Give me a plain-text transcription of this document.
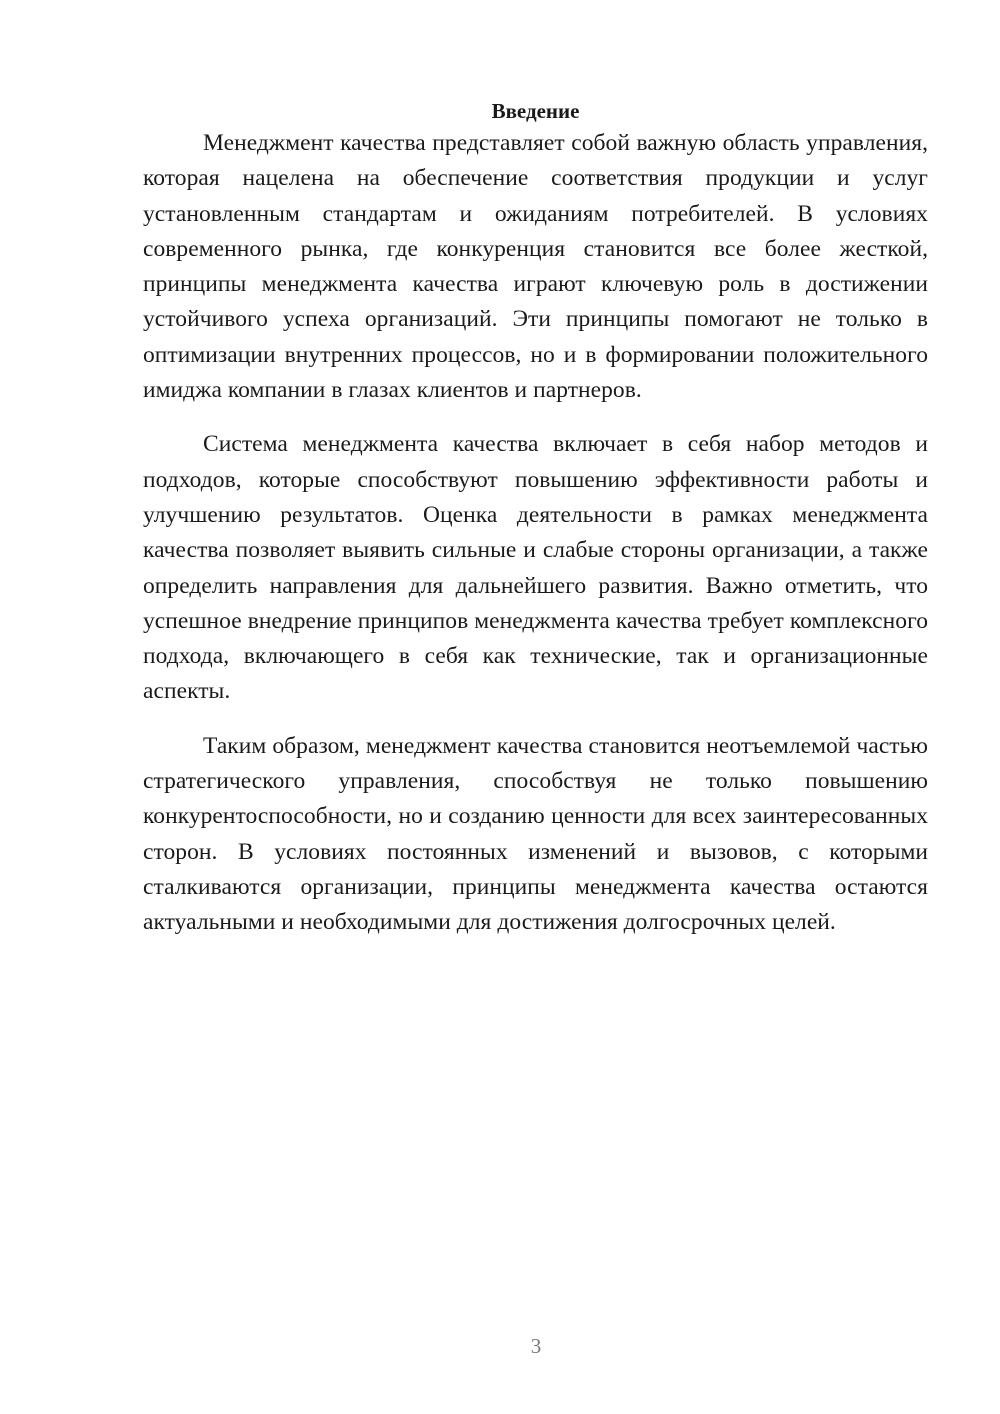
Введение

Менеджмент качества представляет собой важную область управления, которая нацелена на обеспечение соответствия продукции и услуг установленным стандартам и ожиданиям потребителей. В условиях современного рынка, где конкуренция становится все более жесткой, принципы менеджмента качества играют ключевую роль в достижении устойчивого успеха организаций. Эти принципы помогают не только в оптимизации внутренних процессов, но и в формировании положительного имиджа компании в глазах клиентов и партнеров.

Система менеджмента качества включает в себя набор методов и подходов, которые способствуют повышению эффективности работы и улучшению результатов. Оценка деятельности в рамках менеджмента качества позволяет выявить сильные и слабые стороны организации, а также определить направления для дальнейшего развития. Важно отметить, что успешное внедрение принципов менеджмента качества требует комплексного подхода, включающего в себя как технические, так и организационные аспекты.

Таким образом, менеджмент качества становится неотъемлемой частью стратегического управления, способствуя не только повышению конкурентоспособности, но и созданию ценности для всех заинтересованных сторон. В условиях постоянных изменений и вызовов, с которыми сталкиваются организации, принципы менеджмента качества остаются актуальными и необходимыми для достижения долгосрочных целей.

3
